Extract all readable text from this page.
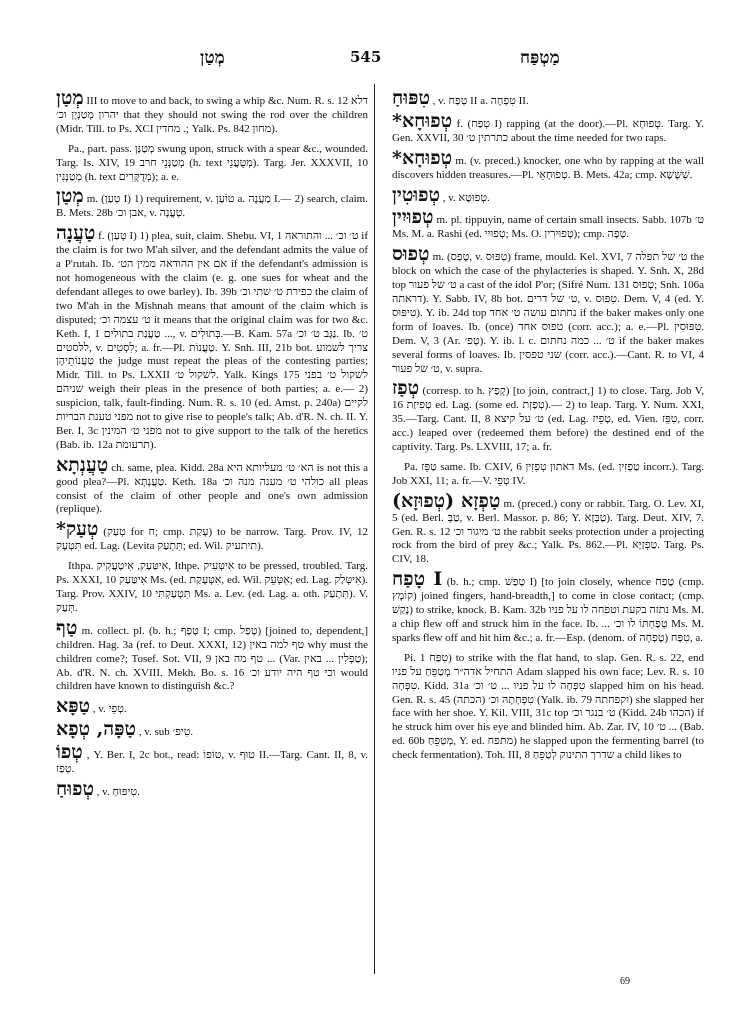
מְטַן	545	מַטְפַּח

מְטַן III to move to and back, to swing a whip &c. Num. R. s. 12 דלא יהרון מְטַנְיָן וכ׳ that they should not swing the rod over the children (Midr. Till. to Ps. XCI מחדין .; Yalk. Ps. 842 מחון).

Pa., part. pass. מְטַנַּן swung upon, struck with a spear &c., wounded. Targ. Is. XIV, 19 מְטַנְּנֵי חרב (h. text מְטֻעֲנֵי). Targ. Jer. XXXVII, 10 מְטַנְּנִין (h. text מְדֻקָּרִים); a. e.

מְטַן m. (טְעַן I) 1) requirement, v. טוֹעַן a. מַעֲנָה I.— 2) search, claim. B. Mets. 28b אבן וכ׳, v. טְעֲנָה.

טַעֲנָה f. (טְעַן I) 1) plea, suit, claim. Shebu. VI, 1 ט׳ וכ׳ ... והתוראה if the claim is for two M'ah silver, and the defendant admits the value of a P'rutah. Ib. אם אין ההודאה ממין הט׳ if the defendant's admission is not homogeneous with the claim (e. g. one sues for wheat and the defendant alleges to owe barley). Ib. 39b כפירת ט׳ שתי וכ׳ the claim of two M'ah in the Mishnah means that amount of the claim which is disputed; ט׳ עצמה וכ׳ it means that the original claim was for two &c. Keth. I, 1 טַעֲנַת בתולים ..., v. בְּתוּלִים.—B. Kam. 57a נַגָּב ט׳ וכ׳. Ib. ט׳ ללסטים, v. לִסְטִים; a. fr.—Pl. טַעֲנוֹת. Y. Snh. III, 21b bot. צריך לשמוע טַעֲנוֹתֵיהֶן the judge must repeat the pleas of the contesting parties; Midr. Till. to Ps. LXXII לשקול ט׳. Yalk. Kings 175 לשקול ט׳ בפני שניהם weigh their pleas in the presence of both parties; a. e.— 2) suspicion, talk, fault-finding. Num. R. s. 10 (ed. Amst. p. 240a) לקיים מפני טענת הבריות not to give rise to people's talk; Ab. d'R. N. ch. II. Y. Ber. I, 3c מפני ט׳ המינין not to give support to the talk of the heretics (Bab. ib. 12a תרעומת).

טַעֲנְתָא ch. same, plea. Kidd. 28a הא׳ ט׳ מעליותא היא is not this a good plea?—Pl. טַעֲנָתָא. Keth. 18a כולהי ט׳ מענה מנה וכ׳ all pleas consist of the claim of other people and one's own admission (replique).

*טְעַק (טְעַק for ח; cmp. עָקַת) to be narrow. Targ. Prov. IV, 12 תִּטְעָק ed. Lag. (Levita תִּתְעַק; ed. Wil. תיתעיק).

Ithpa. אִיטַּעַק, אִיטְעֲקִיק, Ithpe. אִיטְּעִיק to be pressed, troubled. Targ. Ps. XXXI, 10 אִיטַּעַק Ms. (ed. אִטְּעָקַת, ed. Wil. אִטְּעֵק; ed. Lag. אִיטְּלַק). Targ. Prov. XXIV, 10 תִּטְעַקְתִּי Ms. a. Lev. (ed. Lag. a. oth. תִּתְעַק). V. תְּעַק.

טַף m. collect. pl. (b. h.; טָפַף I; cmp. טָפַל) [joined to, dependent,] children. Hag. 3a (ref. to Deut. XXXI, 12) טף למה באין why must the children come?; Tosef. Sot. VII, 9 טף מה באן ... (Var. טַפְלִין ... באין); Ab. d'R. N. ch. XVIII. Mekh. Bo. s. 16 וכי טף היה יודע וכ׳ would children have known to distinguish &c.?

טַפָּא , v. טְפֵי.

טַפָּה, טְפָא , v. sub טִיפ׳.

טְפוֹ , Y. Ber. I, 2c bot., read: טוֹפוֹ, v. טוּף II.—Targ. Cant. II, 8, v. טְפַז.

טְפוּחַ , v. טִיפּוּחַ.

טִפּוּחַ , v. טְפַח II a. טִפְחָה II.

*טְפוּחָא f. (טְפַח I) rapping (at the door).—Pl. טְפוּחָא. Targ. Y. Gen. XXVII, 30 כתרתין ט׳ about the time needed for two raps.

*טְפוּחָא m. (v. preced.) knocker, one who by rapping at the wall discovers hidden treasures.—Pl. טְפוּחָאֵי. B. Mets. 42a; cmp. שְׁשָׁשָׁא.

טְפוּטִין , v. טְפוּטָא.

טְפוּיִין m. pl. tippuyin, name of certain small insects. Sabb. 107b ט׳ Ms. M. a. Rashi (ed. טְפוּיִי; Ms. O. טְפוּיִרִין); cmp. טְפָה.

טְפוּס m. (טָפַס, v. טְפּוּס) frame, mould. Kel. XVI, 7 ט׳ של תפלה the block on which the case of the phylacteries is shaped. Y. Snh. X, 28d top ט׳ של פעור a cast of the idol P'or; (Sifré Num. 131 טְפוּס; Snh. 106a דראתה). Y. Sabb. IV, 8b bot. ט׳ של דרים, v. טִפּוּס. Dem. V, 4 (ed. Y. טִיפּוּס). Y. ib. 24d top נחתום עושה ט׳ אחד if the baker makes only one form of loaves. Ib. (once) טפוס אחד (corr. acc.); a. e.—Pl. טִפּוּסִין. Dem. V, 3 (Ar. טְפ׳). Y. ib. l. c. ט׳ ... כמה נחתום if the baker makes several forms of loaves. Ib. שני טפסין (corr. acc.).—Cant. R. to VI, 4 ט׳ של פעור, v. supra.

טְפַז (corresp. to h. קָפַץ) [to join, contract,] 1) to close. Targ. Job V, 16 טְפִיזַת ed. Lag. (some ed. טְפַזְת).— 2) to leap. Targ. Y. Num. XXI, 35.—Targ. Cant. II, 8 ט׳ על קיצא (ed. Lag. טָפֵיז, ed. Vien. טִפֵּז, corr. acc.) leaped over (redeemed them before) the destined end of the captivity. Targ. Ps. LXVIII, 17; a. fr.

Pa. טַפֵּז same. Ib. CXIV, 6 דאתון טְפְזִין Ms. (ed. טַפְזִין incorr.). Targ. Job XXI, 11; a. fr.—V. טְפֵי IV.

טַפְזָא (טְפוּזָא) m. (preced.) cony or rabbit. Targ. O. Lev. XI, 5 (ed. Berl. טַבְּ, v. Berl. Massor. p. 86; Y. טַבְּזָא). Targ. Deut. XIV, 7. Gen. R. s. 12 ט׳ מיגור וכ׳ the rabbit seeks protection under a projecting rock from the bird of prey &c.; Yalk. Ps. 862.—Pl. טַפְזַיָּא. Targ. Ps. CIV, 18.

טָפַח I (b. h.; cmp. טָפַשׁ I) [to join closely, whence טֶפַח (cmp. קוֹמֶץ) joined fingers, hand-breadth,] to come in close contact; (cmp. נָקַשׁ) to strike, knock. B. Kam. 32b נתזה בקעת וטפחה לו על פניו Ms. M. a chip flew off and struck him in the face. Ib. ... טְפַחְתּוֹ לו וכ׳ Ms. M. sparks flew off and hit him &c.; a. fr.—Esp. (denom. of טָפְחָה) טִפַּח, a.

Pi. טִפַּח 1) to strike with the flat hand, to slap. Gen. R. s. 22, end התחיל אדה״ר מְטַפֵּחַ על פניו Adam slapped his own face; Lev. R. s. 10 טִפְּחָה. Kidd. 31a טִפְּחָה לו על פניו ... ט׳ וכ׳ slapped him on his head. Gen. R. s. 45 (הכתה) טִפְּחָתָהּ וכ׳ (Yalk. ib. 79 וקפחתה) she slapped her face with her shoe. Y. Kil. VIII, 31c top ט׳ בנגר וכ׳ (Kidd. 24b הכהו) if he struck him over his eye and blinded him. Ab. Zar. IV, 10 ט׳ ... (Bab. ed. 60b מְטַפֵּחַ, Y. ed. מתפח) he slapped upon the fermenting barrel (to check fermentation). Toh. III, 8 שדרך התינוק לְטַפֵּחַ a child likes to

69
